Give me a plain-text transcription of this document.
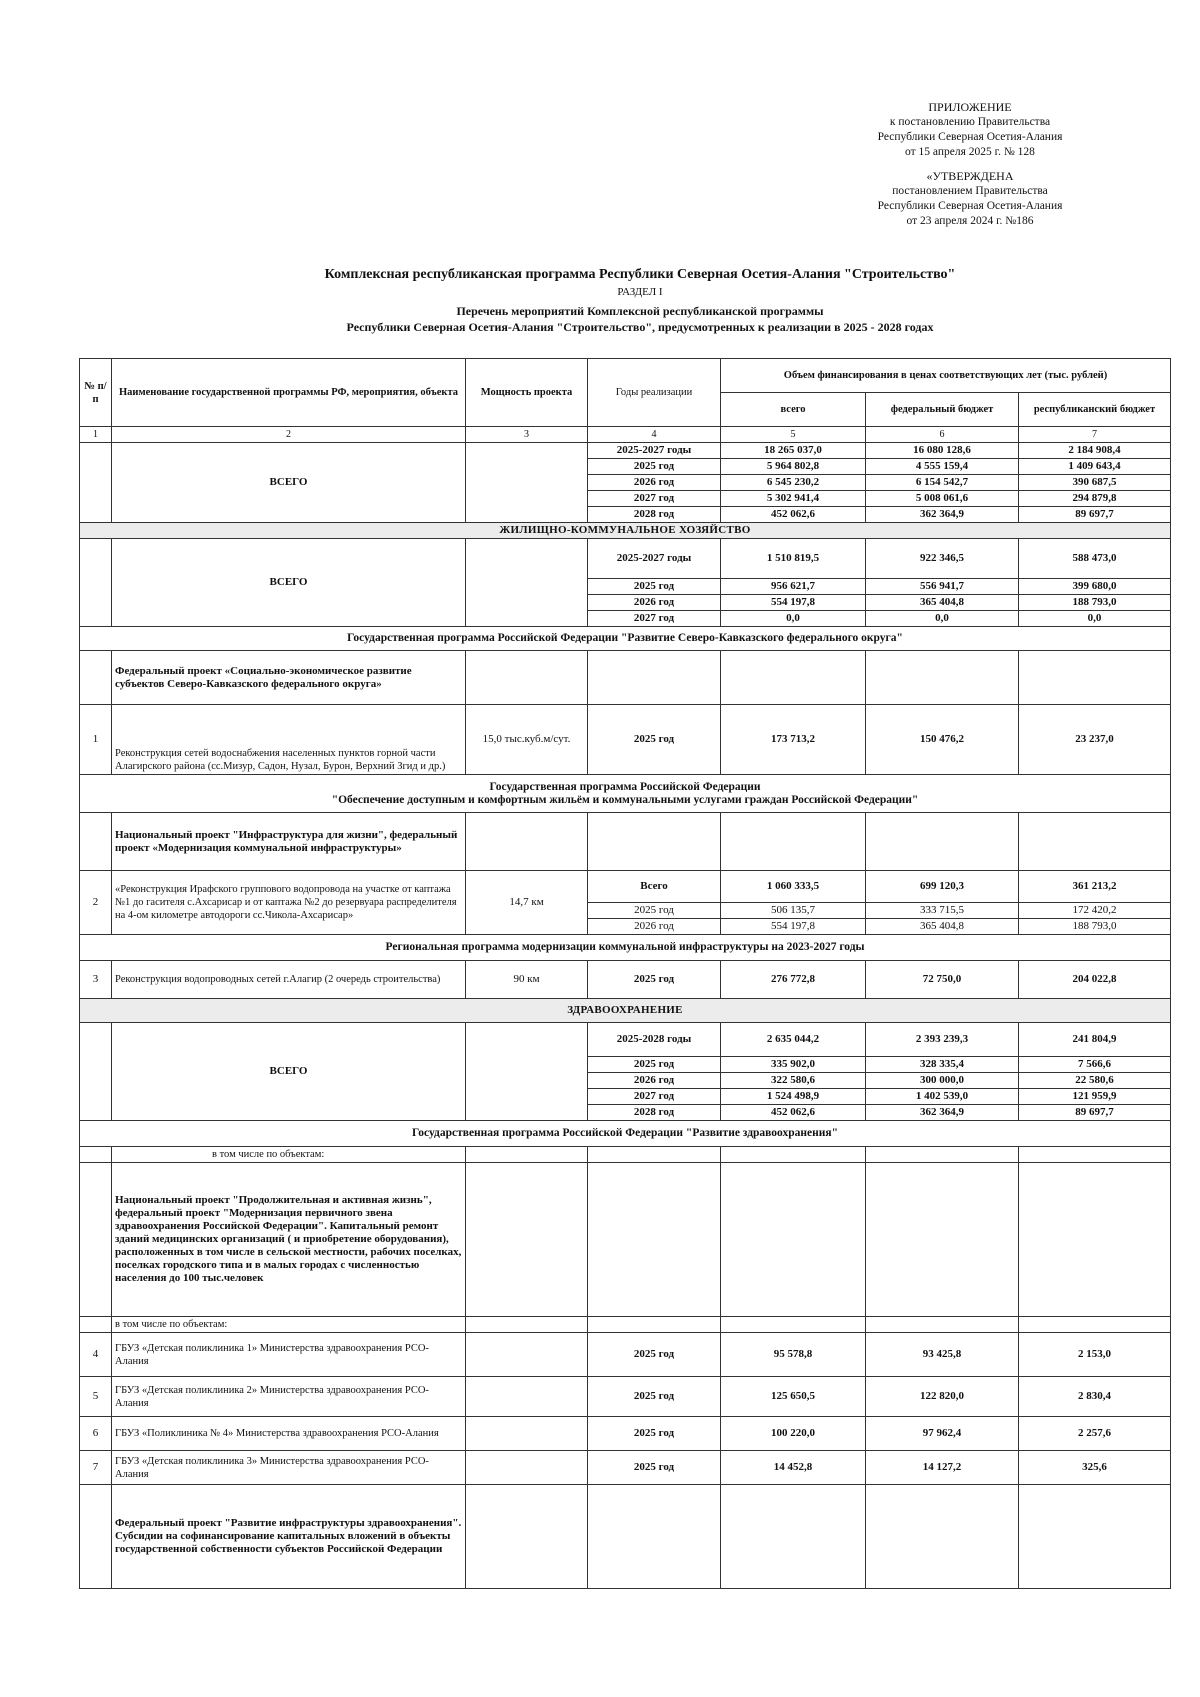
ПРИЛОЖЕНИЕ
к постановлению Правительства
Республики Северная Осетия-Алания
от 15 апреля 2025 г. № 128
«УТВЕРЖДЕНА
постановлением Правительства
Республики Северная Осетия-Алания
от 23 апреля 2024 г. №186
Комплексная республиканская программа Республики Северная Осетия-Алания "Строительство"
РАЗДЕЛ I
Перечень мероприятий Комплексной республиканской программы
Республики Северная Осетия-Алания "Строительство", предусмотренных к реализации в 2025 - 2028 годах
№ п/п	Наименование государственной программы РФ, мероприятия, объекта	Мощность проекта	Годы реализации	Объем финансирования в ценах соответствующих лет (тыс. рублей)		
				всего	федеральный бюджет	республиканский бюджет
1	2	3	4	5	6	7
	ВСЕГО		2025-2027 годы	18 265 037,0	16 080 128,6	2 184 908,4
			2025 год	5 964 802,8	4 555 159,4	1 409 643,4
			2026 год	6 545 230,2	6 154 542,7	390 687,5
			2027 год	5 302 941,4	5 008 061,6	294 879,8
			2028 год	452 062,6	362 364,9	89 697,7
ЖИЛИЩНО-КОММУНАЛЬНОЕ ХОЗЯЙСТВО						
	ВСЕГО		2025-2027 годы	1 510 819,5	922 346,5	588 473,0
			2025 год	956 621,7	556 941,7	399 680,0
			2026 год	554 197,8	365 404,8	188 793,0
			2027 год	0,0	0,0	0,0
Государственная программа Российской Федерации "Развитие Северо-Кавказского федерального округа"						
	Федеральный проект «Социально-экономическое развитие субъектов Северо-Кавказского федерального округа»					
1	Реконструкция сетей водоснабжения населенных пунктов горной части Алагирского района (сс.Мизур, Садон, Нузал, Бурон, Верхний Згид и др.)	15,0 тыс.куб.м/сут.	2025 год	173 713,2	150 476,2	23 237,0

Государственная программа Российской Федерации
"Обеспечение доступным и комфортным жильём и коммунальными услугами граждан Российской Федерации"						

	Национальный проект "Инфраструктура для жизни", федеральный проект «Модернизация коммунальной инфраструктуры»					
2	«Реконструкция Ирафского группового водопровода на участке от каптажа №1 до гасителя с.Ахсарисар и от каптажа №2 до резервуара распределителя на 4-ом километре автодороги сс.Чикола-Ахсарисар»	14,7 км	Всего	1 060 333,5	699 120,3	361 213,2
			2025 год	506 135,7	333 715,5	172 420,2
			2026 год	554 197,8	365 404,8	188 793,0
Региональная программа модернизации коммунальной инфраструктуры на 2023-2027 годы						
3	Реконструкция водопроводных сетей г.Алагир (2 очередь строительства)	90 км	2025 год	276 772,8	72 750,0	204 022,8
ЗДРАВООХРАНЕНИЕ						
	ВСЕГО		2025-2028 годы	2 635 044,2	2 393 239,3	241 804,9
			2025 год	335 902,0	328 335,4	7 566,6
			2026 год	322 580,6	300 000,0	22 580,6
			2027 год	1 524 498,9	1 402 539,0	121 959,9
			2028 год	452 062,6	362 364,9	89 697,7
Государственная программа Российской Федерации "Развитие здравоохранения"						
	в том числе по объектам:					
	Национальный проект "Продолжительная и активная жизнь", федеральный проект "Модернизация первичного звена здравоохранения Российской Федерации". Капитальный ремонт зданий медицинских организаций ( и приобретение оборудования), расположенных в том числе в сельской местности, рабочих поселках, поселках городского типа и в малых городах с численностью населения до 100 тыс.человек					
	в том числе по объектам:					
4	ГБУЗ «Детская поликлиника 1» Министерства здравоохранения РСО-Алания		2025 год	95 578,8	93 425,8	2 153,0
5	ГБУЗ «Детская поликлиника 2» Министерства здравоохранения РСО-Алания		2025 год	125 650,5	122 820,0	2 830,4
6	ГБУЗ «Поликлиника № 4» Министерства здравоохранения РСО-Алания		2025 год	100 220,0	97 962,4	2 257,6
7	ГБУЗ «Детская поликлиника 3» Министерства здравоохранения РСО-Алания		2025 год	14 452,8	14 127,2	325,6
	Федеральный проект "Развитие инфраструктуры здравоохранения". Субсидии на софинансирование капитальных вложений в объекты государственной собственности субъектов Российской Федерации					
